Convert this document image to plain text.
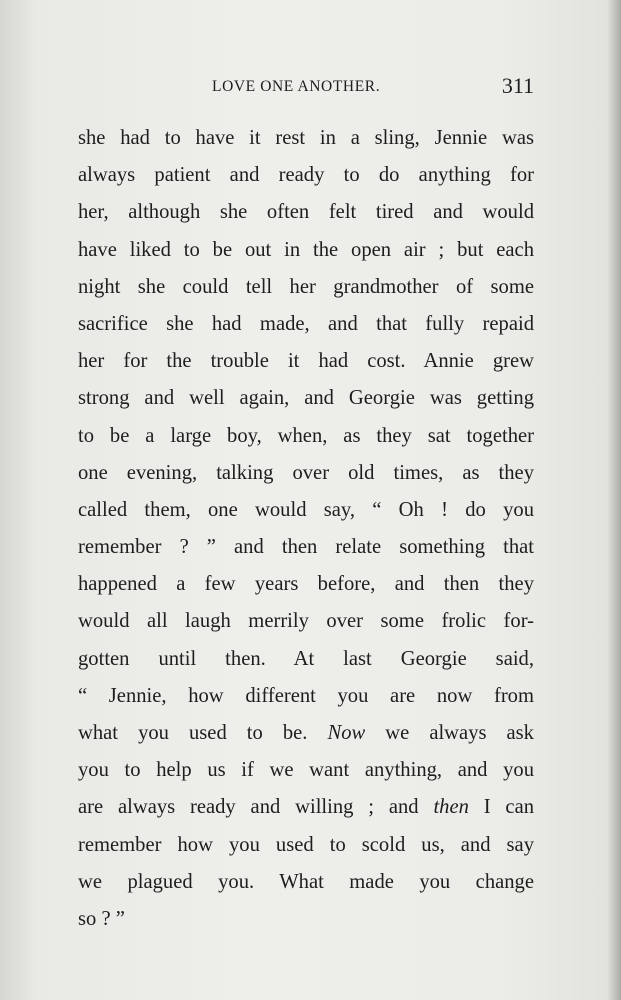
LOVE ONE ANOTHER.	311
she had to have it rest in a sling, Jennie was
always patient and ready to do anything for
her, although she often felt tired and would
have liked to be out in the open air ; but each
night she could tell her grandmother of some
sacrifice she had made, and that fully repaid
her for the trouble it had cost. Annie grew
strong and well again, and Georgie was getting
to be a large boy, when, as they sat together
one evening, talking over old times, as they
called them, one would say, “ Oh ! do you
remember ? ” and then relate something that
happened a few years before, and then they
would all laugh merrily over some frolic for-
gotten until then. At last Georgie said,
“ Jennie, how different you are now from
what you used to be. Now we always ask
you to help us if we want anything, and you
are always ready and willing ; and then I can
remember how you used to scold us, and say
we plagued you. What made you change
so ? ”
